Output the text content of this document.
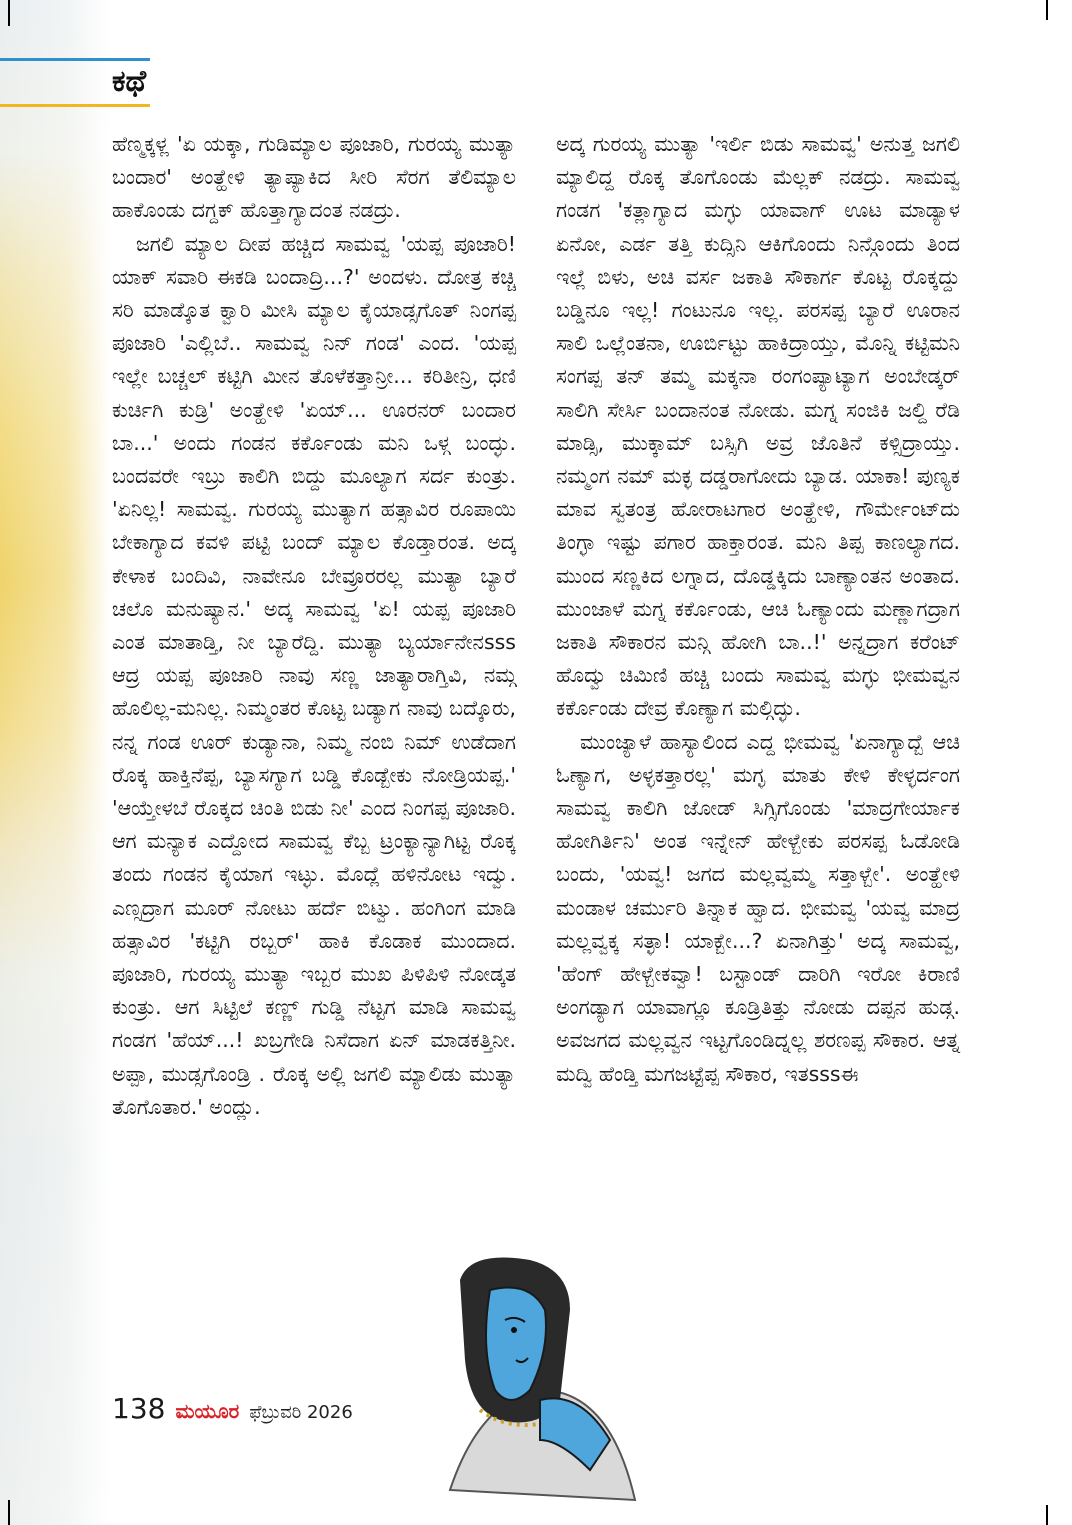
ಕಥೆ

ಹೆಣ್ಮಕ್ಕಳ್ಲ 'ಏ ಯಕ್ಕಾ, ಗುಡಿಮ್ಯಾಲ ಪೂಜಾರಿ, ಗುರಯ್ಯ ಮುತ್ಯಾ ಬಂದಾರ' ಅಂತ್ಹೇಳಿ ತ್ಯಾಪ್ಯಾಕಿದ ಸೀರಿ ಸೆರಗ ತೆಲಿಮ್ಯಾಲ ಹಾಕೊಂಡು ದಗ್ದಕ್ ಹೊತ್ತಾಗ್ಯಾದಂತ ನಡದ್ರು.

ಜಗಲಿ ಮ್ಯಾಲ ದೀಪ ಹಚ್ಚಿದ ಸಾಮವ್ವ 'ಯಪ್ಪ ಪೂಜಾರಿ! ಯಾಕ್ ಸವಾರಿ ಈಕಡಿ ಬಂದಾದ್ರಿ...?' ಅಂದಳು. ದೋತ್ರ ಕಚ್ಚಿ ಸರಿ ಮಾಡ್ಕೊತ ಕ್ವಾರಿ ಮೀಸಿ ಮ್ಯಾಲ ಕೈಯಾಡ್ಸಗೊತ್ ನಿಂಗಪ್ಪ ಪೂಜಾರಿ 'ಎಲ್ಲಿಬೆ.. ಸಾಮವ್ವ ನಿನ್ ಗಂಡ' ಎಂದ. 'ಯಪ್ಪ ಇಲ್ಲೇ ಬಚ್ಚಲ್ ಕಟ್ಟಿಗಿ ಮೀನ ತೊಳೆಕತ್ತಾನ್ರೀ... ಕರಿತೀನ್ರಿ, ಧಣಿ ಕುರ್ಚಿಗಿ ಕುಡ್ರಿ' ಅಂತ್ಹೇಳಿ 'ಏಯ್... ಊರನರ್ ಬಂದಾರ ಬಾ...' ಅಂದು ಗಂಡನ ಕರ್ಕೊಂಡು ಮನಿ ಒಳ್ಗ ಬಂದ್ಳು. ಬಂದವರೇ ಇಬ್ರು ಕಾಲಿಗಿ ಬಿದ್ದು ಮೂಲ್ಯಾಗ ಸರ್ದ ಕುಂತ್ರು. 'ಏನಿಲ್ಲ! ಸಾಮವ್ವ. ಗುರಯ್ಯ ಮುತ್ಯಾಗ ಹತ್ಸಾವಿರ ರೂಪಾಯಿ ಬೇಕಾಗ್ಯಾದ ಕವಳಿ ಪಟ್ಟಿ ಬಂದ್ ಮ್ಯಾಲ ಕೊಡ್ತಾರಂತ. ಅದ್ಕ ಕೇಳಾಕ ಬಂದಿವಿ, ನಾವೇನೂ ಬೇವ್ರೂರರಲ್ಲ ಮುತ್ಯಾ ಬ್ಯಾರೆ ಚಲೊ ಮನುಷ್ಯಾನ.' ಅದ್ಕ ಸಾಮವ್ವ 'ಏ! ಯಪ್ಪ ಪೂಜಾರಿ ಎಂತ ಮಾತಾಡ್ತಿ, ನೀ ಬ್ಯಾರೆದ್ದಿ. ಮುತ್ಯಾ ಬ್ಯರ್ಯಾನೇನsss ಆದ್ರ ಯಪ್ಪ ಪೂಜಾರಿ ನಾವು ಸಣ್ಣ ಜಾತ್ಯಾರಾಗ್ತಿವಿ, ನಮ್ಗ ಹೊಲಿಲ್ಲ-ಮನಿಲ್ಲ. ನಿಮ್ಮಂತರ ಕೊಟ್ಟ ಬಡ್ಯಾಗ ನಾವು ಬದ್ಕೊರು, ನನ್ನ ಗಂಡ ಊರ್ ಕುಡ್ಯಾನಾ, ನಿಮ್ಮ ನಂಬಿ ನಿಮ್ ಉಡೆದಾಗ ರೊಕ್ಕ ಹಾಕ್ತಿನೆಪ್ಪ, ಬ್ಯಾಸಗ್ಯಾಗ ಬಡ್ಡಿ ಕೊಡ್ಬೇಕು ನೋಡ್ರಿಯಪ್ಪ.' 'ಆಯ್ತೇಳಬೆ ರೊಕ್ಕದ ಚಿಂತಿ ಬಿಡು ನೀ' ಎಂದ ನಿಂಗಪ್ಪ ಪೂಜಾರಿ. ಆಗ ಮನ್ಯಾಕ ಎದ್ದೋದ ಸಾಮವ್ವ ಕೆಬ್ಬ ಟ್ರಂಕ್ಯಾನ್ಯಾಗಿಟ್ಟ ರೊಕ್ಕ ತಂದು ಗಂಡನ ಕೈಯಾಗ ಇಟ್ಳು. ಮೊದ್ಲೆ ಹಳಿನೋಟ ಇದ್ವು. ಎಣ್ಸದ್ರಾಗ ಮೂರ್ ನೋಟು ಹರ್ದೆ ಬಿಟ್ವು. ಹಂಗಿಂಗ ಮಾಡಿ ಹತ್ಸಾವಿರ 'ಕಟ್ಟಿಗಿ ರಬ್ಬರ್' ಹಾಕಿ ಕೊಡಾಕ ಮುಂದಾದ. ಪೂಜಾರಿ, ಗುರಯ್ಯ ಮುತ್ಯಾ ಇಬ್ಬರ ಮುಖ ಪಿಳಿಪಿಳಿ ನೋಡ್ಕತ ಕುಂತ್ರು. ಆಗ ಸಿಟ್ಟಿಲೆ ಕಣ್ಣ್ ಗುಡ್ಡಿ ನೆಟ್ಟಗ ಮಾಡಿ ಸಾಮವ್ವ ಗಂಡಗ 'ಹೆಯ್...! ಖಬ್ರಗೇಡಿ ನಿಸೆದಾಗ ಏನ್ ಮಾಡಕತ್ತಿನೀ. ಅಪ್ಪಾ, ಮುಡ್ಸಗೊಂಡ್ರಿ . ರೊಕ್ಕ ಅಲ್ಲಿ ಜಗಲಿ ಮ್ಯಾಲಿಡು ಮುತ್ಯಾ ತೊಗೊತಾರ.' ಅಂದ್ಲು.

ಅದ್ಕ ಗುರಯ್ಯ ಮುತ್ಯಾ 'ಇರ್ಲಿ ಬಿಡು ಸಾಮವ್ವ' ಅನುತ್ತ ಜಗಲಿ ಮ್ಯಾಲಿದ್ದ ರೊಕ್ಕ ತೊಗೊಂಡು ಮೆಲ್ಲಕ್ ನಡದ್ರು. ಸಾಮವ್ವ ಗಂಡಗ 'ಕತ್ಲಾಗ್ಯಾದ ಮಗ್ಳು ಯಾವಾಗ್ ಊಟ ಮಾಡ್ಯಾಳ ಏನೋ, ಎರ್ಡ ತತ್ತಿ ಕುದ್ಸಿನಿ ಆಕಿಗೊಂದು ನಿನ್ಗೊಂದು ತಿಂದ ಇಲ್ಲೆ ಬಿಳು, ಅಚಿ ವರ್ಸ ಜಕಾತಿ ಸೌಕಾರ್ಗ ಕೊಟ್ಟ ರೊಕ್ಕದ್ದು ಬಡ್ಡಿನೂ ಇಲ್ಲ! ಗಂಟುನೂ ಇಲ್ಲ. ಪರಸಪ್ಪ ಬ್ಯಾರೆ ಊರಾನ ಸಾಲಿ ಒಲ್ಲೆಂತನಾ, ಊರ್ಬಿಟ್ಟು ಹಾಕಿದ್ರಾಯ್ತು, ಮೊನ್ನಿ ಕಟ್ಟಿಮನಿ ಸಂಗಪ್ಪ ತನ್ ತಮ್ಮ ಮಕ್ಕನಾ ರಂಗಂಪ್ಯಾಟ್ಯಾಗ ಅಂಬೇಡ್ಕರ್ ಸಾಲಿಗಿ ಸೇರ್ಸಿ ಬಂದಾನಂತ ನೋಡು. ಮಗ್ನ ಸಂಜಿಕಿ ಜಲ್ದಿ ರೆಡಿ ಮಾಡ್ಸಿ, ಮುಕ್ಕಾಮ್ ಬಸ್ಸಿಗಿ ಅವ್ರ ಜೊತಿನೆ ಕಳ್ಸಿದ್ರಾಯ್ತು. ನಮ್ಮಂಗ ನಮ್ ಮಕ್ಳ ದಡ್ಡರಾಗೋದು ಬ್ಯಾಡ. ಯಾಕಾ! ಪುಣ್ಯಕ ಮಾವ ಸ್ವತಂತ್ರ ಹೋರಾಟಗಾರ ಅಂತ್ಹೇಳಿ, ಗೌರ್ಮೇಂಟ್‌ದು ತಿಂಗ್ಳಾ ಇಷ್ಟು ಪಗಾರ ಹಾಕ್ತಾರಂತ. ಮನಿ ತಿಪ್ಪ ಕಾಣಲ್ಯಾಗದ. ಮುಂದ ಸಣ್ಣಕಿದ ಲಗ್ನಾದ, ದೊಡ್ಡಕ್ಕಿದು ಬಾಣ್ಯಾಂತನ ಅಂತಾದ. ಮುಂಜಾಳೆ ಮಗ್ನ ಕರ್ಕೊಂಡು, ಆಚಿ ಓಣ್ಯಾಂದು ಮಣ್ಣಾಗದ್ರಾಗ ಜಕಾತಿ ಸೌಕಾರನ ಮನ್ಗಿ ಹೋಗಿ ಬಾ..!' ಅನ್ನದ್ರಾಗ ಕರೆಂಟ್ ಹೊದ್ವು ಚಿಮಿಣಿ ಹಚ್ಚಿ ಬಂದು ಸಾಮವ್ವ ಮಗ್ಳು ಭೀಮವ್ವನ ಕರ್ಕೊಂಡು ದೇವ್ರ ಕೊಣ್ಯಾಗ ಮಲ್ಗಿದ್ಳು.

ಮುಂಜ್ಯಾಳೆ ಹಾಸ್ಯಾಲಿಂದ ಎದ್ದ ಭೀಮವ್ವ 'ಏನಾಗ್ಯಾದ್ಬೆ ಆಚಿ ಓಣ್ಯಾಗ, ಅಳ್ಳಕತ್ತಾರಲ್ಲ' ಮಗ್ಳ ಮಾತು ಕೇಳಿ ಕೇಳ್ಳರ್ದಂಗ ಸಾಮವ್ವ ಕಾಲಿಗಿ ಜೋಡ್ ಸಿಗ್ಸಿಗೊಂಡು 'ಮಾದ್ರಗೇರ್ಯಾಕ ಹೋಗಿರ್ತಿನಿ' ಅಂತ ಇನ್ನೇನ್ ಹೇಳ್ಬೇಕು ಪರಸಪ್ಪ ಓಡೋಡಿ ಬಂದು, 'ಯವ್ವ! ಜಗದ ಮಲ್ಲವ್ವಮ್ಮ ಸತ್ತಾಳ್ಬೇ'. ಅಂತ್ಹೇಳಿ ಮಂಡಾಳ ಚರ್ಮುರಿ ತಿನ್ನಾಕ ಹ್ವಾದ. ಭೀಮವ್ವ 'ಯವ್ವ ಮಾದ್ರ ಮಲ್ಲವ್ವಕ್ಕ ಸತ್ಳಾ! ಯಾಕ್ಬೇ...? ಏನಾಗಿತ್ತು' ಅದ್ಕ ಸಾಮವ್ವ, 'ಹೆಂಗ್ ಹೇಳ್ಬೇಕವ್ವಾ! ಬಸ್ಟಾಂಡ್ ದಾರಿಗಿ ಇರೋ ಕಿರಾಣಿ ಅಂಗಡ್ಯಾಗ ಯಾವಾಗ್ಲೂ ಕೂಡ್ರಿತಿತ್ತು ನೋಡು ದಪ್ಪನ ಹುಡ್ಗ. ಅವಜಗದ ಮಲ್ಲವ್ವನ ಇಟ್ಟಗೊಂಡಿದ್ನಲ್ಲ ಶರಣಪ್ಪ ಸೌಕಾರ. ಆತ್ನ ಮದ್ವಿ ಹೆಂಡ್ತಿ ಮಗಜಟ್ಟೆಪ್ಪ ಸೌಕಾರ, ಇತsssಈ

138 ಮಯೂರ ಫೆಬ್ರುವರಿ 2026
